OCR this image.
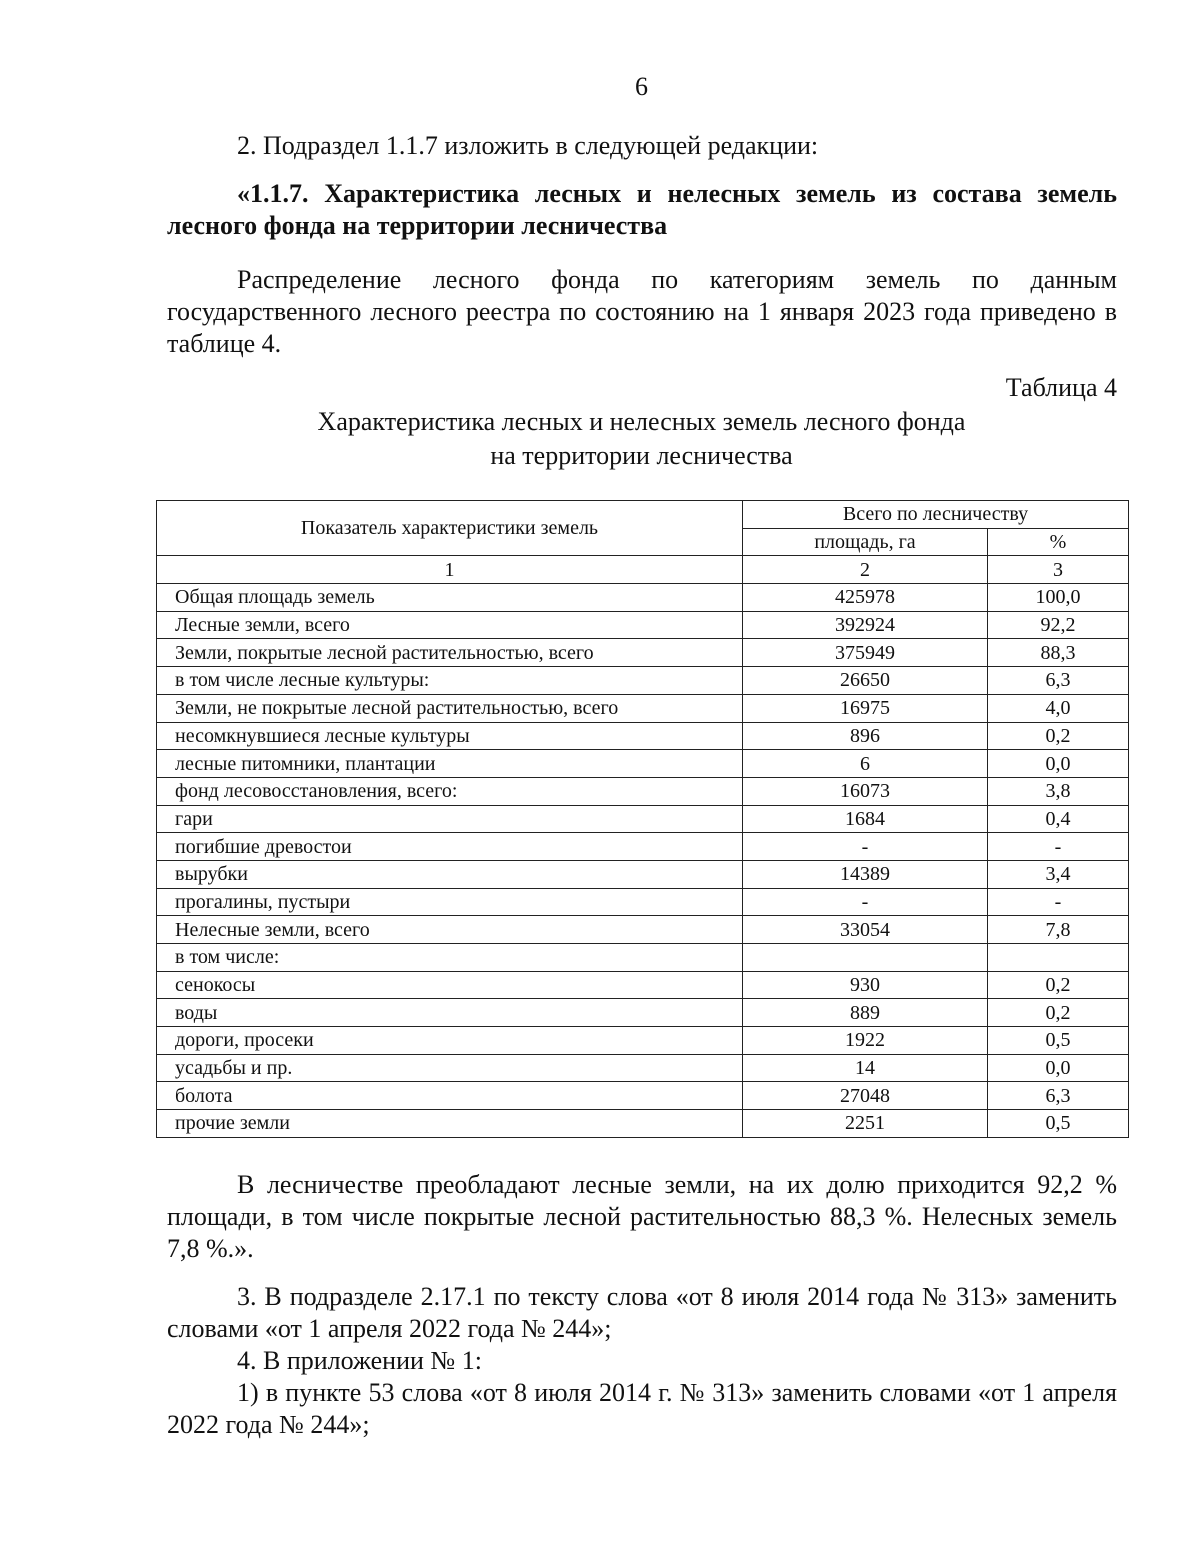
6

2. Подраздел 1.1.7 изложить в следующей редакции:

«1.1.7. Характеристика лесных и нелесных земель из состава земель лесного фонда на территории лесничества

Распределение лесного фонда по категориям земель по данным государственного лесного реестра по состоянию на 1 января 2023 года приведено в таблице 4.

Таблица 4
Характеристика лесных и нелесных земель лесного фонда
на территории лесничества
Показатель характеристики земель	Всего по лесничеству	
	площадь, га	%
1	2	3
Общая площадь земель	425978	100,0
Лесные земли, всего	392924	92,2
Земли, покрытые лесной растительностью, всего	375949	88,3
в том числе лесные культуры:	26650	6,3
Земли, не покрытые лесной растительностью, всего	16975	4,0
несомкнувшиеся лесные культуры	896	0,2
лесные питомники, плантации	6	0,0
фонд лесовосстановления, всего:	16073	3,8
гари	1684	0,4
погибшие древостои	-	-
вырубки	14389	3,4
прогалины, пустыри	-	-
Нелесные земли, всего	33054	7,8
в том числе:		
сенокосы	930	0,2
воды	889	0,2
дороги, просеки	1922	0,5
усадьбы и пр.	14	0,0
болота	27048	6,3
прочие земли	2251	0,5

В лесничестве преобладают лесные земли, на их долю приходится 92,2 % площади, в том числе покрытые лесной растительностью 88,3 %. Нелесных земель 7,8 %.».

3. В подразделе 2.17.1 по тексту слова «от 8 июля 2014 года № 313» заменить словами «от 1 апреля 2022 года № 244»;

4. В приложении № 1:

1) в пункте 53 слова «от 8 июля 2014 г. № 313» заменить словами «от 1 апреля 2022 года № 244»;
